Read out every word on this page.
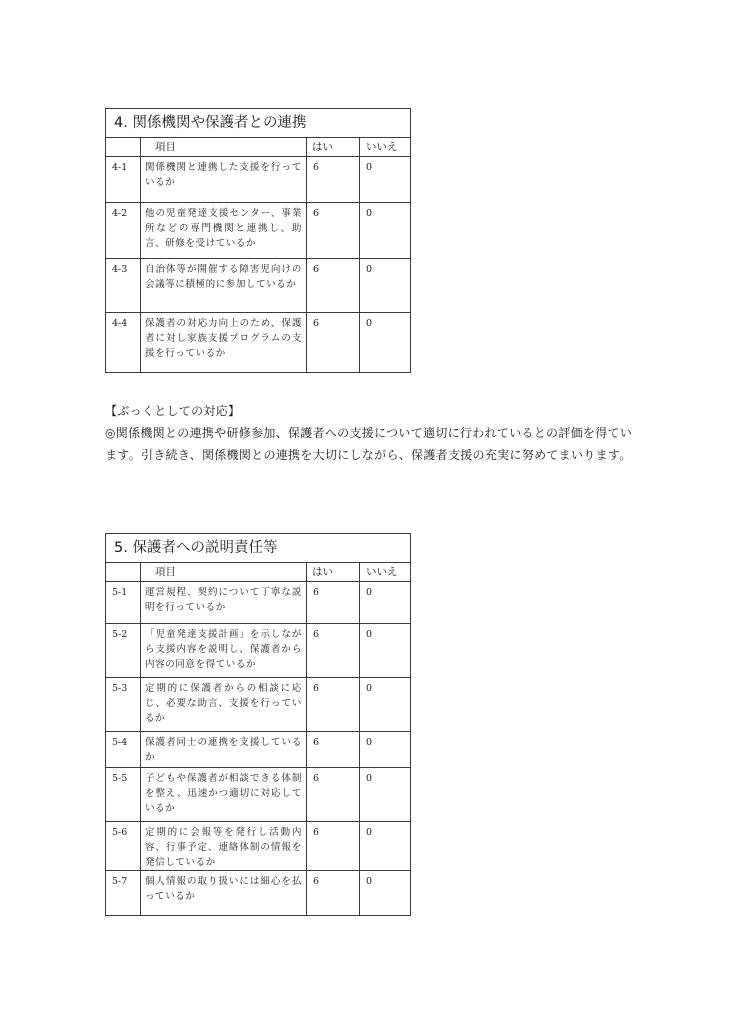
4. 関係機関や保護者との連携			
	項目	はい	いいえ
4-1	関係機関と連携した支援を行っているか	6	0
4-2	他の児童発達支援センター、事業所などの専門機関と連携し、助言、研修を受けているか	6	0
4-3	自治体等が開催する障害児向けの会議等に積極的に参加しているか	6	0
4-4	保護者の対応力向上のため、保護者に対し家族支援プログラムの支援を行っているか	6	0
【ぶっくとしての対応】
◎関係機関との連携や研修参加、保護者への支援について適切に行われているとの評価を得ています。引き続き、関係機関との連携を大切にしながら、保護者支援の充実に努めてまいります。
5. 保護者への説明責任等			
	項目	はい	いいえ
5-1	運営規程、契約について丁寧な説明を行っているか	6	0
5-2	「児童発達支援計画」を示しながら支援内容を説明し、保護者から内容の同意を得ているか	6	0
5-3	定期的に保護者からの相談に応じ、必要な助言、支援を行っているか	6	0
5-4	保護者同士の連携を支援しているか	6	0
5-5	子どもや保護者が相談できる体制を整え、迅速かつ適切に対応しているか	6	0
5-6	定期的に会報等を発行し活動内容、行事予定、連絡体制の情報を発信しているか	6	0
5-7	個人情報の取り扱いには細心を払っているか	6	0
